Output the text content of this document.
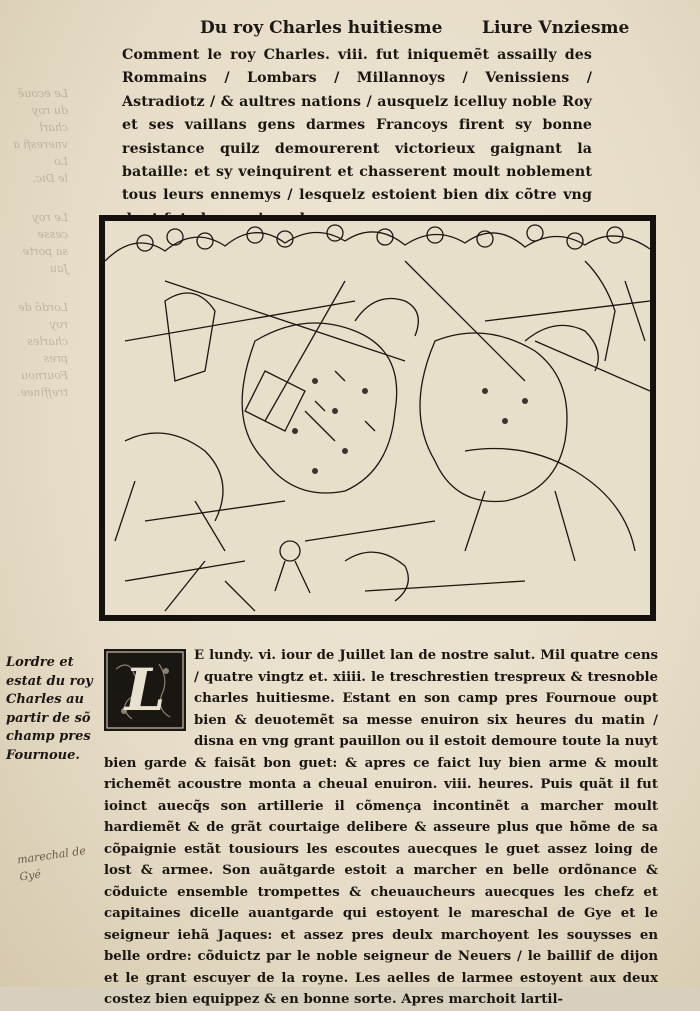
Le ecouẽ
du roy charl
vneresfi a Lo
le Dic.
Le roy cesse
sa porte Jau
Lordõ de
roy charles
pres Fournou
treffinee.
Du roy Charles huitiesme Liure Vnziesme
Comment le roy Charles. viii. fut iniquemẽt assailly des Rommains / Lombars / Millannoys / Venissiens / Astradiotz / & aultres nations / ausquelz icelluy noble Roy et ses vaillans gens darmes Francoys firent sy bonne resistance quilz demourerent victorieux gaignant la bataille: et sy veinquirent et chasserent moult noblement tous leurs ennemys / lesquelz estoient bien dix cõtre vng
Lordre et estat du roy Charles au partir de sõ champ pres Fournoue.
marechal de Gyé
L
E lundy. vi. iour de Juillet lan de nostre salut. Mil quatre cens / quatre vingtz et. xiiii. le treschrestien trespreux & tresnoble charles huitiesme. Estant en son camp pres Fournoue oupt bien & deuotemẽt sa messe enuiron six heures du matin / disna en vng grant pauillon ou il estoit demoure toute la nuyt bien garde & faisãt bon guet: & apres ce faict luy bien arme & moult richemẽt acoustre monta a cheual enuiron. viii. heures. Puis quãt il fut ioinct auecq̃s son artillerie il cõmença incontinẽt a marcher moult hardiemẽt & de grãt courtaige delibere & asseure plus que hõme de sa cõpaignie estãt tousiours les escoutes auecques le guet assez loing de lost & armee. Son auãtgarde estoit a marcher en belle ordõnance & cõduicte ensemble trompettes & cheuaucheurs auecques les chefz et capitaines dicelle auantgarde qui estoyent le mareschal de Gye et le seigneur iehã Jaques: et assez pres deulx marchoyent les souysses en belle ordre: cõduictz par le noble seigneur de Neuers / le baillif de dijon et le grant escuyer de la royne. Les aelles de larmee estoyent aux deux costez bien equippez & en bonne sorte. Apres marchoit lartil-
